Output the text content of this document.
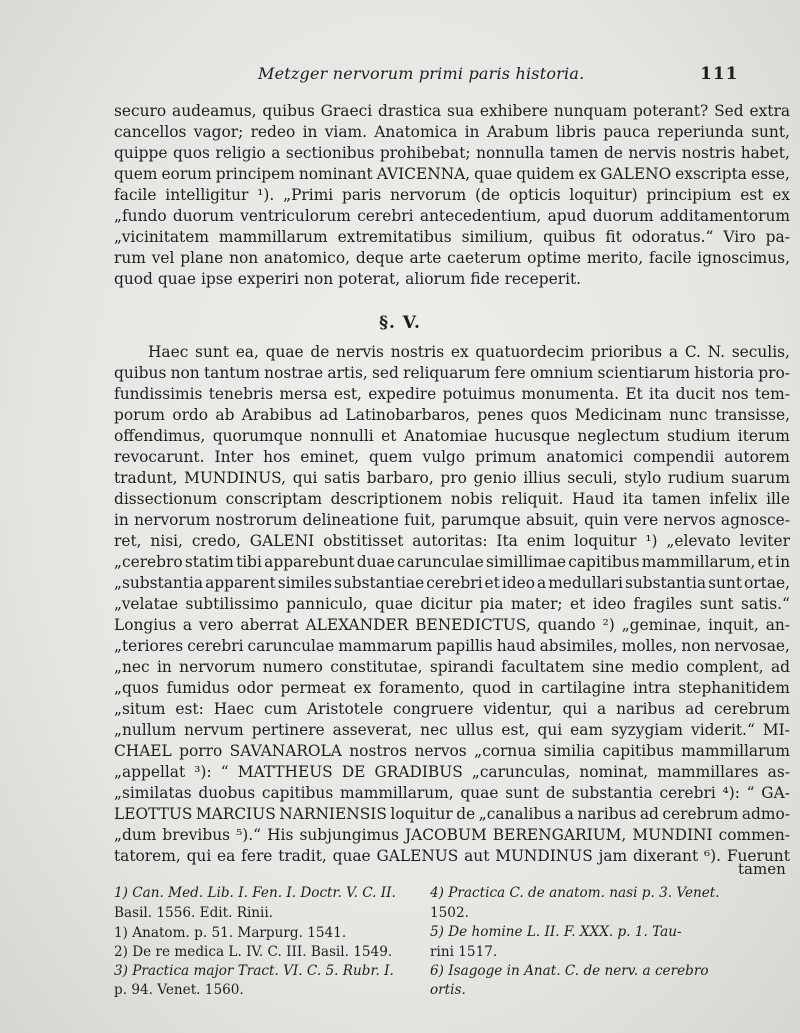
Metzger nervorum primi paris historia.	111
securo audeamus, quibus Graeci drastica sua exhibere nunquam poterant? Sed extra
cancellos vagor; redeo in viam. Anatomica in Arabum libris pauca reperiunda sunt,
quippe quos religio a sectionibus prohibebat; nonnulla tamen de nervis nostris habet,
quem eorum principem nominant AVICENNA, quae quidem ex GALENO exscripta esse,
facile intelligitur ¹). „Primi paris nervorum (de opticis loquitur) principium est ex
„fundo duorum ventriculorum cerebri antecedentium, apud duorum additamentorum
„vicinitatem mammillarum extremitatibus similium, quibus fit odoratus.“ Viro pa-
rum vel plane non anatomico, deque arte caeterum optime merito, facile ignoscimus,
quod quae ipse experiri non poterat, aliorum fide receperit.
§. V.
Haec sunt ea, quae de nervis nostris ex quatuordecim prioribus a C. N. seculis,
quibus non tantum nostrae artis, sed reliquarum fere omnium scientiarum historia pro-
fundissimis tenebris mersa est, expedire potuimus monumenta. Et ita ducit nos tem-
porum ordo ab Arabibus ad Latinobarbaros, penes quos Medicinam nunc transisse,
offendimus, quorumque nonnulli et Anatomiae hucusque neglectum studium iterum
revocarunt. Inter hos eminet, quem vulgo primum anatomici compendii autorem
tradunt, MUNDINUS, qui satis barbaro, pro genio illius seculi, stylo rudium suarum
dissectionum conscriptam descriptionem nobis reliquit. Haud ita tamen infelix ille
in nervorum nostrorum delineatione fuit, parumque absuit, quin vere nervos agnosce-
ret, nisi, credo, GALENI obstitisset autoritas: Ita enim loquitur ¹) „elevato leviter
„cerebro statim tibi apparebunt duae carunculae simillimae capitibus mammillarum, et in
„substantia apparent similes substantiae cerebri et ideo a medullari substantia sunt ortae,
„velatae subtilissimo panniculo, quae dicitur pia mater; et ideo fragiles sunt satis.“
Longius a vero aberrat ALEXANDER BENEDICTUS, quando ²) „geminae, inquit, an-
„teriores cerebri carunculae mammarum papillis haud absimiles, molles, non nervosae,
„nec in nervorum numero constitutae, spirandi facultatem sine medio complent, ad
„quos fumidus odor permeat ex foramento, quod in cartilagine intra stephanitidem
„situm est: Haec cum Aristotele congruere videntur, qui a naribus ad cerebrum
„nullum nervum pertinere asseverat, nec ullus est, qui eam syzygiam viderit.“ MI-
CHAEL porro SAVANAROLA nostros nervos „cornua similia capitibus mammillarum
„appellat ³): “ MATTHEUS DE GRADIBUS „carunculas, nominat, mammillares as-
„similatas duobus capitibus mammillarum, quae sunt de substantia cerebri ⁴): “ GA-
LEOTTUS MARCIUS NARNIENSIS loquitur de „canalibus a naribus ad cerebrum admo-
„dum brevibus ⁵).“ His subjungimus JACOBUM BERENGARIUM, MUNDINI commen-
tatorem, qui ea fere tradit, quae GALENUS aut MUNDINUS jam dixerant ⁶). Fuerunt
tamen
1) Can. Med. Lib. I. Fen. I. Doctr. V. C. II.
Basil. 1556. Edit. Rinii.
1) Anatom. p. 51. Marpurg. 1541.
2) De re medica L. IV. C. III. Basil. 1549.
3) Practica major Tract. VI. C. 5. Rubr. I.
p. 94. Venet. 1560.
4) Practica C. de anatom. nasi p. 3. Venet.
1502.
5) De homine L. II. F. XXX. p. 1. Tau-
rini 1517.
6) Isagoge in Anat. C. de nerv. a cerebro
ortis.
